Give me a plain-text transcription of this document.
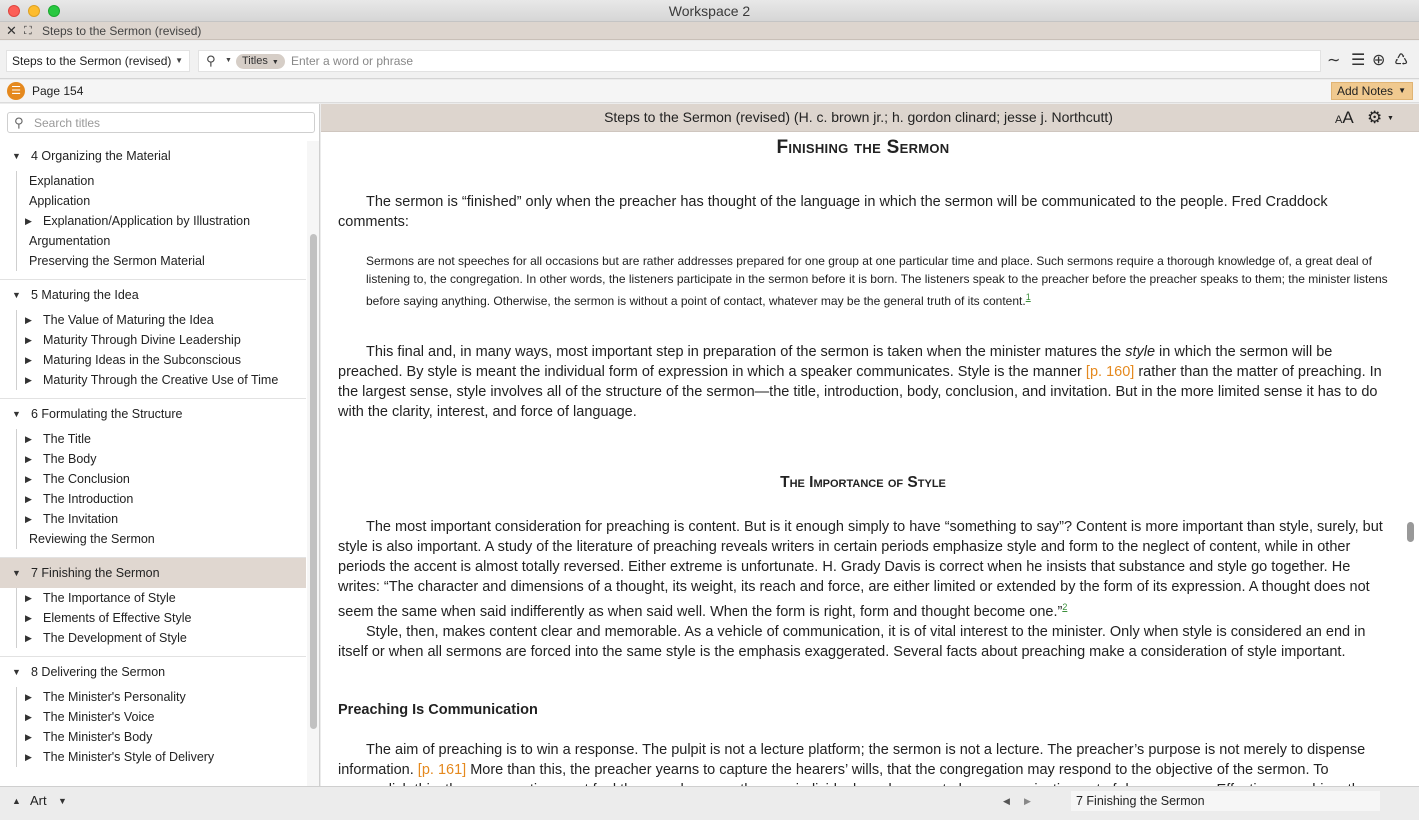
Workspace 2
✕ ⛶ Steps to the Sermon (revised)
Steps to the Sermon (revised) ▼ ⚲ ▼ Titles ▼
Enter a word or phrase	∼ ☰ ⊕ ♺
☰ Page 154	Add Notes ▼
⚲
Search titles
▼ 4 Organizing the Material
Explanation
Application
▶ Explanation/Application by Illustration
Argumentation
Preserving the Sermon Material
▼ 5 Maturing the Idea
▶ The Value of Maturing the Idea
▶ Maturity Through Divine Leadership
▶ Maturing Ideas in the Subconscious
▶ Maturity Through the Creative Use of Time
▼ 6 Formulating the Structure
▶ The Title
▶ The Body
▶ The Conclusion
▶ The Introduction
▶ The Invitation
Reviewing the Sermon
▼ 7 Finishing the Sermon
▶ The Importance of Style
▶ Elements of Effective Style
▶ The Development of Style
▼ 8 Delivering the Sermon
▶ The Minister's Personality
▶ The Minister's Voice
▶ The Minister's Body
▶ The Minister's Style of Delivery
Steps to the Sermon (revised) (H. c. brown jr.; h. gordon clinard; jesse j. Northcutt)	AA ⚙ ▼
Finishing the Sermon

The sermon is “finished” only when the preacher has thought of the language in which the sermon will be communicated to the people. Fred Craddock comments:

Sermons are not speeches for all occasions but are rather addresses prepared for one group at one particular time and place. Such sermons require a thorough knowledge of, a great deal of listening to, the congregation. In other words, the listeners participate in the sermon before it is born. The listeners speak to the preacher before the preacher speaks to them; the minister listens before saying anything. Otherwise, the sermon is without a point of contact, whatever may be the general truth of its content.$^1$

This final and, in many ways, most important step in preparation of the sermon is taken when the minister matures the style in which the sermon will be preached. By style is meant the individual form of expression in which a speaker communicates. Style is the manner [p. 160] rather than the matter of preaching. In the largest sense, style involves all of the structure of the sermon—the title, introduction, body, conclusion, and invitation. But in the more limited sense it has to do with the clarity, interest, and force of language.

The Importance of Style

The most important consideration for preaching is content. But is it enough simply to have “something to say”? Content is more important than style, surely, but style is also important. A study of the literature of preaching reveals writers in certain periods emphasize style and form to the neglect of content, while in other periods the accent is almost totally reversed. Either extreme is unfortunate. H. Grady Davis is correct when he insists that substance and style go together. He writes: “The character and dimensions of a thought, its weight, its reach and force, are either limited or extended by the form of its expression. A thought does not seem the same when said indifferently as when said well. When the form is right, form and thought become one.”$^2$

Style, then, makes content clear and memorable. As a vehicle of communication, it is of vital interest to the minister. Only when style is considered an end in itself or when all sermons are forced into the same style is the emphasis exaggerated. Several facts about preaching make a consideration of style important.

Preaching Is Communication

The aim of preaching is to win a response. The pulpit is not a lecture platform; the sermon is not a lecture. The preacher’s purpose is not merely to dispense information. [p. 161] More than this, the preacher yearns to capture the hearers’ wills, that the congregation may respond to the objective of the sermon. To

▲ Art ▼	◀ ▶	7 Finishing the Sermon
